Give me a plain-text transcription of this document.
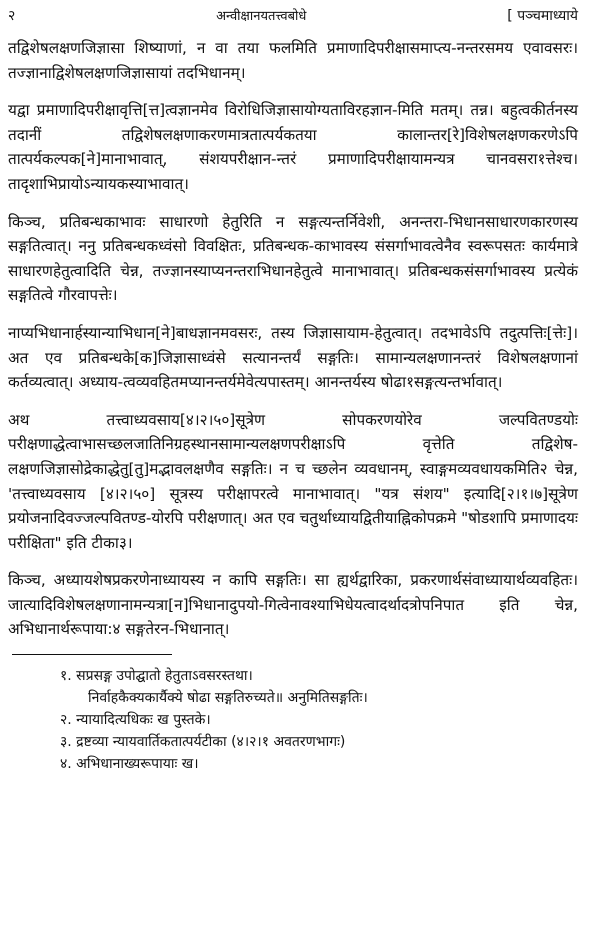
२	अन्वीक्षानयतत्त्वबोधे	[ पञ्चमाध्याये

तद्विशेषलक्षणजिज्ञासा शिष्याणां, न वा तया फलमिति प्रमाणादिपरीक्षासमाप्त्य-नन्तरसमय एवावसरः। तज्ज्ञानाद्विशेषलक्षणजिज्ञासायां तदभिधानम्।

यद्वा प्रमाणादिपरीक्षावृत्ति[त्त]त्वज्ञानमेव विरोधिजिज्ञासायोग्यताविरहज्ञान-मिति मतम्। तन्न। बहुत्वकीर्तनस्य तदानीं तद्विशेषलक्षणाकरणमात्रतात्पर्यकतया कालान्तर[रे]विशेषलक्षणकरणेऽपि तात्पर्यकल्पक[ने]मानाभावात्, संशयपरीक्षान-न्तरं प्रमाणादिपरीक्षायामन्यत्र चानवसरा१त्तेश्च। तादृशाभिप्रायोऽन्यायकस्याभावात्।

किञ्च, प्रतिबन्धकाभावः साधारणो हेतुरिति न सङ्गत्यन्तर्निवेशी, अनन्तरा-भिधानसाधारणकारणस्य सङ्गतित्वात्। ननु प्रतिबन्धकध्वंसो विवक्षितः, प्रतिबन्धक-काभावस्य संसर्गाभावत्वेनैव स्वरूपसतः कार्यमात्रे साधारणहेतुत्वादिति चेन्न, तज्ज्ञानस्याप्यनन्तराभिधानहेतुत्वे मानाभावात्। प्रतिबन्धकसंसर्गाभावस्य प्रत्येकं सङ्गतित्वे गौरवापत्तेः।

नाप्यभिधानार्हस्यान्याभिधान[ने]बाधज्ञानमवसरः, तस्य जिज्ञासायाम-हेतुत्वात्। तदभावेऽपि तदुत्पत्तिः[त्तेः]। अत एव प्रतिबन्धके[क]जिज्ञासाध्वंसे सत्यानन्तर्यं सङ्गतिः। सामान्यलक्षणानन्तरं विशेषलक्षणानां कर्तव्यत्वात्। अध्याय-त्वव्यवहितमप्यानन्तर्यमेवेत्यपास्तम्। आनन्तर्यस्य षोढा१सङ्गत्यन्तर्भावात्।

अथ तत्त्वाध्यवसाय[४।२।५०]सूत्रेण सोपकरणयोरेव जल्पवितण्डयोः परीक्षणाद्धेत्वाभासच्छलजातिनिग्रहस्थानसामान्यलक्षणपरीक्षाऽपि वृत्तेति तद्विशेष-लक्षणजिज्ञासोद्रेकाद्धेतु[तु]मद्भावलक्षणैव सङ्गतिः। न च च्छलेन व्यवधानम्, स्वाङ्गमव्यवधायकमिति२ चेन्न, 'तत्त्वाध्यवसाय [४।२।५०] सूत्रस्य परीक्षापरत्वे मानाभावात्। "यत्र संशय" इत्यादि[२।१।७]सूत्रेण प्रयोजनादिवज्जल्पवितण्ड-योरपि परीक्षणात्। अत एव चतुर्थाध्यायद्वितीयाह्निकोपक्रमे "षोडशापि प्रमाणादयः परीक्षिता" इति टीका३।

किञ्च, अध्यायशेषप्रकरणेनाध्यायस्य न कापि सङ्गतिः। सा ह्यर्थद्वारिका, प्रकरणार्थसंवाध्यायार्थव्यवहितः। जात्यादिविशेषलक्षणानामन्यत्रा[न]भिधानादुपयो-गित्वेनावश्याभिधेयत्वादर्थादत्रोपनिपात इति चेन्न, अभिधानार्थरूपाया:४ सङ्गतेरन-भिधानात्।

१. सप्रसङ्ग उपोद्घातो हेतुताऽवसरस्तथा।
निर्वाहकैक्यकार्यैक्ये षोढा सङ्गतिरुच्यते॥ अनुमितिसङ्गतिः।
२. न्यायादित्यधिकः ख पुस्तके।
३. द्रष्टव्या न्यायवार्तिकतात्पर्यटीका (४।२।१ अवतरणभागः)
४. अभिधानाख्यरूपायाः ख।
